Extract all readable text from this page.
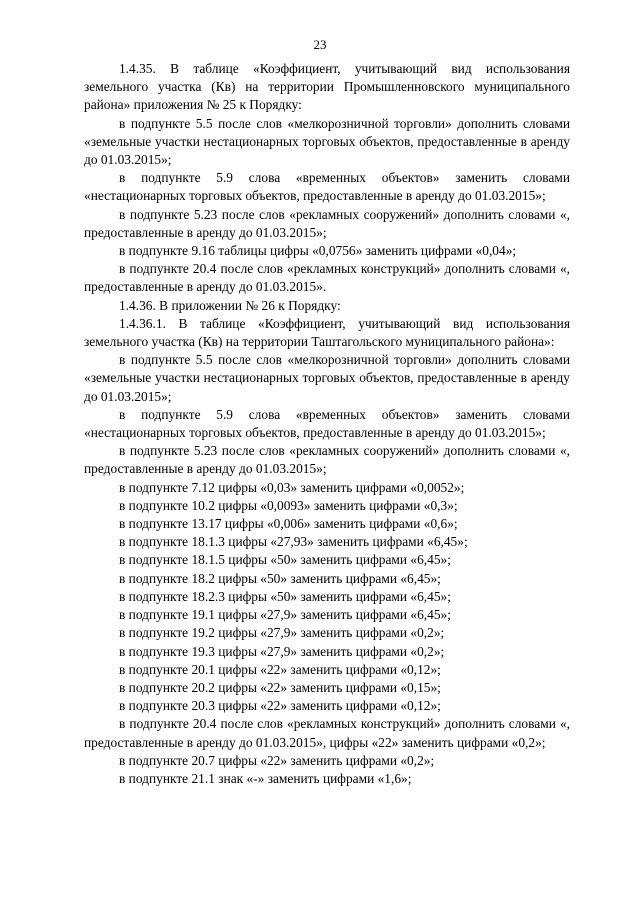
23

1.4.35. В таблице «Коэффициент, учитывающий вид использования земельного участка (Кв) на территории Промышленновского муниципального района» приложения № 25 к Порядку:

в подпункте 5.5 после слов «мелкорозничной торговли» дополнить словами «земельные участки нестационарных торговых объектов, предоставленные в аренду до 01.03.2015»;

в подпункте 5.9 слова «временных объектов» заменить словами «нестационарных торговых объектов, предоставленные в аренду до 01.03.2015»;

в подпункте 5.23 после слов «рекламных сооружений» дополнить словами «, предоставленные в аренду до 01.03.2015»;

в подпункте 9.16 таблицы цифры «0,0756» заменить цифрами «0,04»;

в подпункте 20.4 после слов «рекламных конструкций» дополнить словами «, предоставленные в аренду до 01.03.2015».

1.4.36. В приложении № 26 к Порядку:

1.4.36.1. В таблице «Коэффициент, учитывающий вид использования земельного участка (Кв) на территории Таштагольского муниципального района»:

в подпункте 5.5 после слов «мелкорозничной торговли» дополнить словами «земельные участки нестационарных торговых объектов, предоставленные в аренду до 01.03.2015»;

в подпункте 5.9 слова «временных объектов» заменить словами «нестационарных торговых объектов, предоставленные в аренду до 01.03.2015»;

в подпункте 5.23 после слов «рекламных сооружений» дополнить словами «, предоставленные в аренду до 01.03.2015»;

в подпункте 7.12 цифры «0,03» заменить цифрами «0,0052»;

в подпункте 10.2 цифры «0,0093» заменить цифрами «0,3»;

в подпункте 13.17 цифры «0,006» заменить цифрами «0,6»;

в подпункте 18.1.3 цифры «27,93» заменить цифрами «6,45»;

в подпункте 18.1.5 цифры «50» заменить цифрами «6,45»;

в подпункте 18.2 цифры «50» заменить цифрами «6,45»;

в подпункте 18.2.3 цифры «50» заменить цифрами «6,45»;

в подпункте 19.1 цифры «27,9» заменить цифрами «6,45»;

в подпункте 19.2 цифры «27,9» заменить цифрами «0,2»;

в подпункте 19.3 цифры «27,9» заменить цифрами «0,2»;

в подпункте 20.1 цифры «22» заменить цифрами «0,12»;

в подпункте 20.2 цифры «22» заменить цифрами «0,15»;

в подпункте 20.3 цифры «22» заменить цифрами «0,12»;

в подпункте 20.4 после слов «рекламных конструкций» дополнить словами «, предоставленные в аренду до 01.03.2015», цифры «22» заменить цифрами «0,2»;

в подпункте 20.7 цифры «22» заменить цифрами «0,2»;

в подпункте 21.1 знак «-» заменить цифрами «1,6»;
